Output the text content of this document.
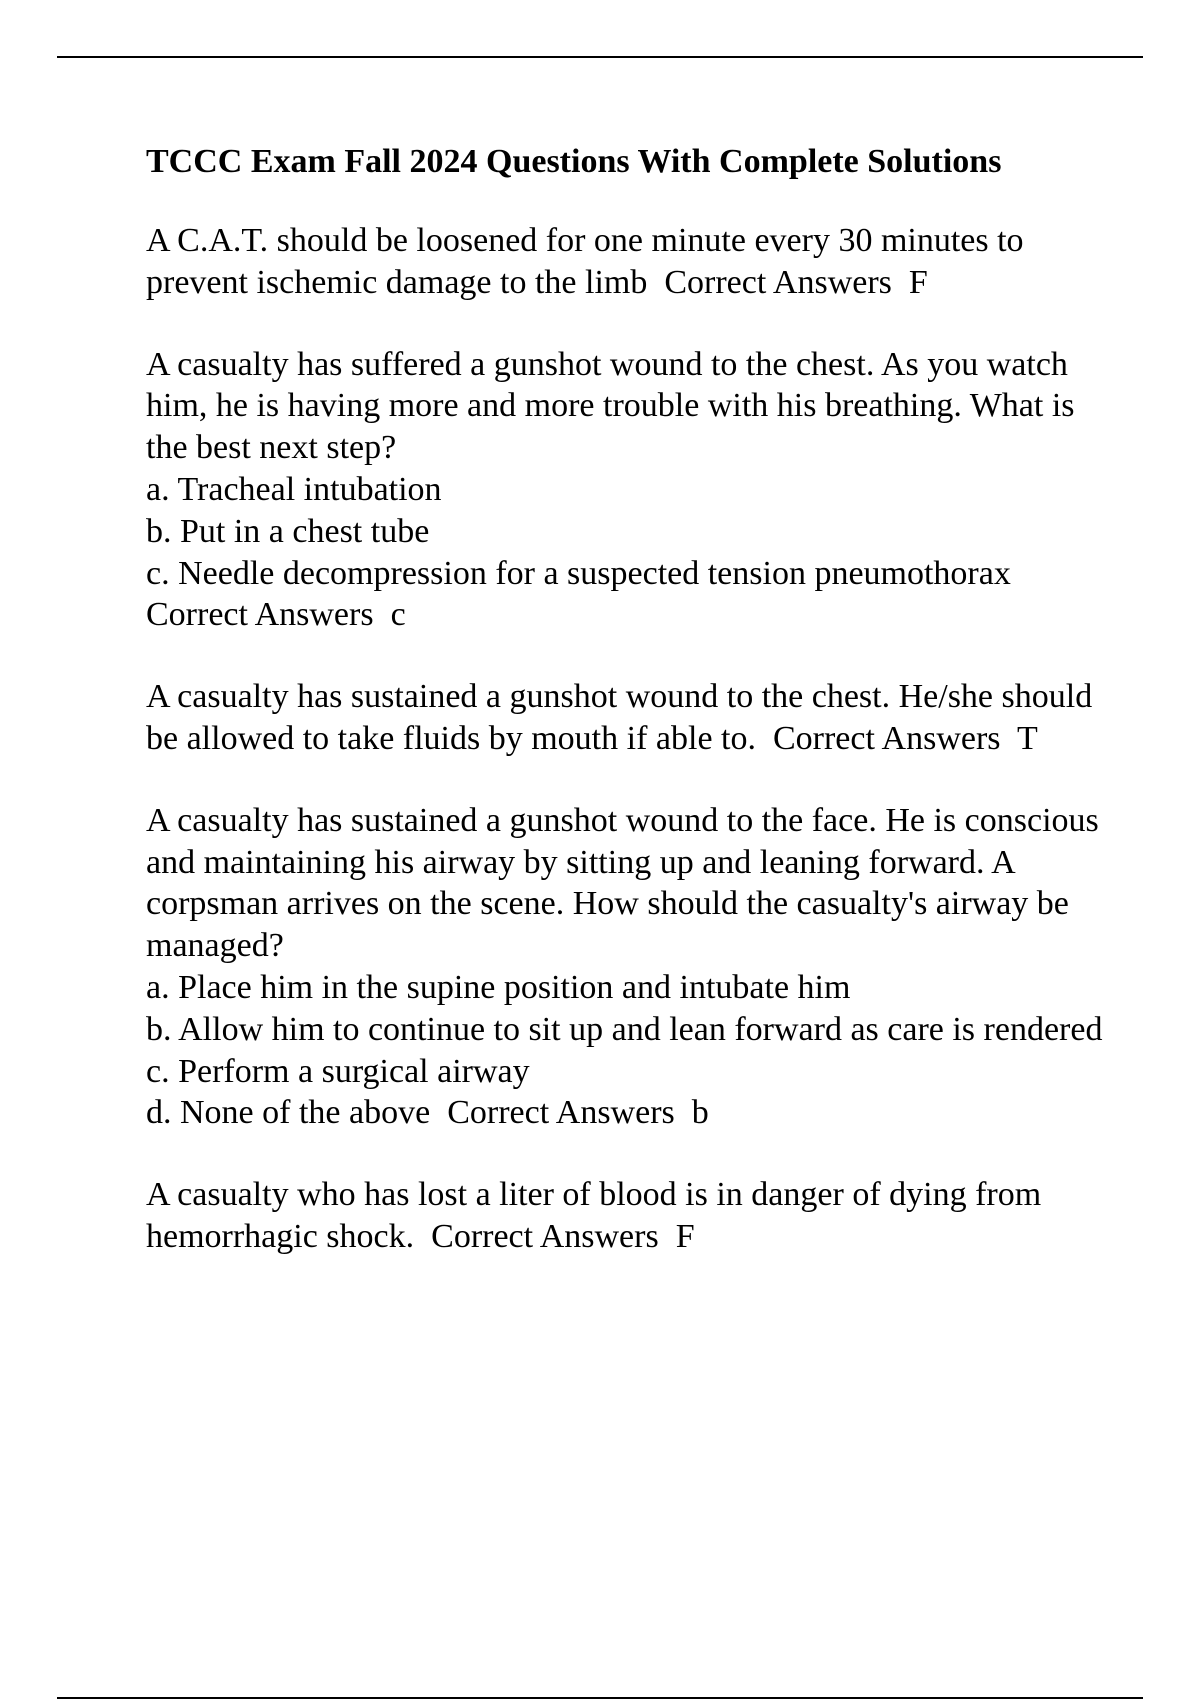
TCCC Exam Fall 2024 Questions With Complete Solutions

A C.A.T. should be loosened for one minute every 30 minutes to prevent ischemic damage to the limb Correct Answers F

A casualty has suffered a gunshot wound to the chest. As you watch him, he is having more and more trouble with his breathing. What is the best next step?

a. Tracheal intubation

b. Put in a chest tube

c. Needle decompression for a suspected tension pneumothorax

Correct Answers c

A casualty has sustained a gunshot wound to the chest. He/she should be allowed to take fluids by mouth if able to. Correct Answers T

A casualty has sustained a gunshot wound to the face. He is conscious and maintaining his airway by sitting up and leaning forward. A corpsman arrives on the scene. How should the casualty's airway be managed?

a. Place him in the supine position and intubate him

b. Allow him to continue to sit up and lean forward as care is rendered

c. Perform a surgical airway

d. None of the above Correct Answers b

A casualty who has lost a liter of blood is in danger of dying from hemorrhagic shock. Correct Answers F
